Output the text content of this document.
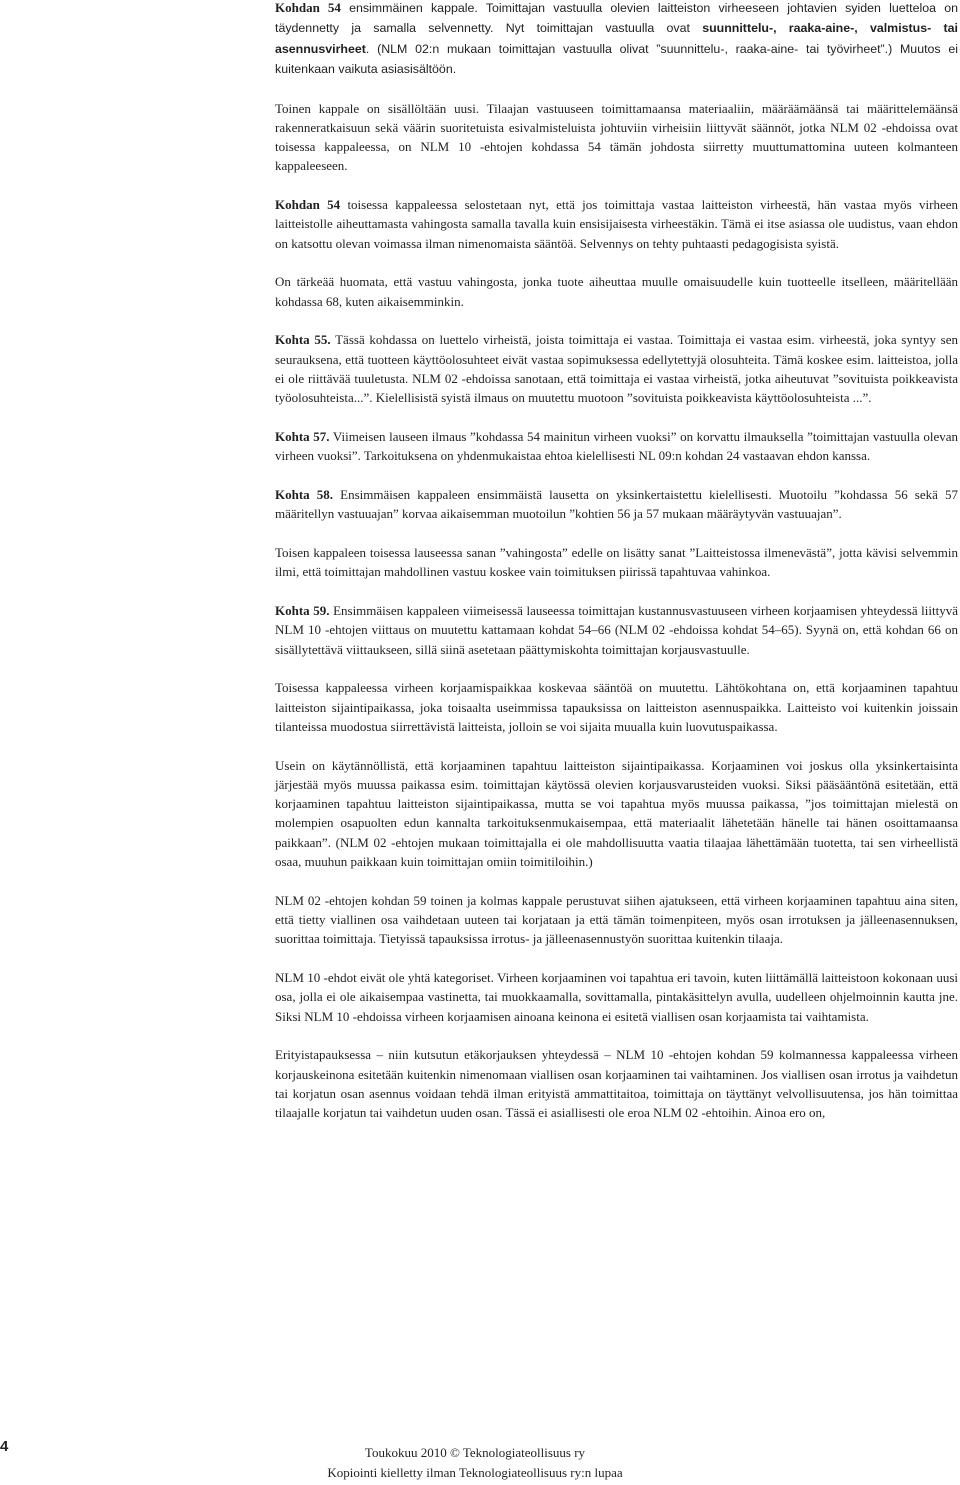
Kohdan 54 ensimmäinen kappale. Toimittajan vastuulla olevien laitteiston virheeseen johtavien syiden luetteloa on täydennetty ja samalla selvennetty. Nyt toimittajan vastuulla ovat suunnittelu-, raaka-aine-, valmistus- tai asennusvirheet. (NLM 02:n mukaan toimittajan vastuulla olivat ”suunnittelu-, raaka-aine- tai työvirheet”.) Muutos ei kuitenkaan vaikuta asiasisältöön.

Toinen kappale on sisällöltään uusi. Tilaajan vastuuseen toimittamaansa materiaaliin, määräämäänsä tai määrittelemäänsä rakenneratkaisuun sekä väärin suoritetuista esivalmisteluista johtuviin virheisiin liittyvät säännöt, jotka NLM 02 -ehdoissa ovat toisessa kappaleessa, on NLM 10 -ehtojen kohdassa 54 tämän johdosta siirretty muuttumattomina uuteen kolmanteen kappaleeseen.

Kohdan 54 toisessa kappaleessa selostetaan nyt, että jos toimittaja vastaa laitteiston virheestä, hän vastaa myös virheen laitteistolle aiheuttamasta vahingosta samalla tavalla kuin ensisijaisesta virheestäkin. Tämä ei itse asiassa ole uudistus, vaan ehdon on katsottu olevan voimassa ilman nimenomaista sääntöä. Selvennys on tehty puhtaasti pedagogisista syistä.

On tärkeää huomata, että vastuu vahingosta, jonka tuote aiheuttaa muulle omaisuudelle kuin tuotteelle itselleen, määritellään kohdassa 68, kuten aikaisemminkin.

Kohta 55. Tässä kohdassa on luettelo virheistä, joista toimittaja ei vastaa. Toimittaja ei vastaa esim. virheestä, joka syntyy sen seurauksena, että tuotteen käyttöolosuhteet eivät vastaa sopimuksessa edellytettyjä olosuhteita. Tämä koskee esim. laitteistoa, jolla ei ole riittävää tuuletusta. NLM 02 -ehdoissa sanotaan, että toimittaja ei vastaa virheistä, jotka aiheutuvat ”sovituista poikkeavista työolosuhteista...”. Kielellisistä syistä ilmaus on muutettu muotoon ”sovituista poikkeavista käyttöolosuhteista ...”.

Kohta 57. Viimeisen lauseen ilmaus ”kohdassa 54 mainitun virheen vuoksi” on korvattu ilmauksella ”toimittajan vastuulla olevan virheen vuoksi”. Tarkoituksena on yhdenmukaistaa ehtoa kielellisesti NL 09:n kohdan 24 vastaavan ehdon kanssa.

Kohta 58. Ensimmäisen kappaleen ensimmäistä lausetta on yksinkertaistettu kielellisesti. Muotoilu ”kohdassa 56 sekä 57 määritellyn vastuuajan” korvaa aikaisemman muotoilun ”kohtien 56 ja 57 mukaan määräytyvän vastuuajan”.

Toisen kappaleen toisessa lauseessa sanan ”vahingosta” edelle on lisätty sanat ”Laitteistossa ilmenevästä”, jotta kävisi selvemmin ilmi, että toimittajan mahdollinen vastuu koskee vain toimituksen piirissä tapahtuvaa vahinkoa.

Kohta 59. Ensimmäisen kappaleen viimeisessä lauseessa toimittajan kustannusvastuuseen virheen korjaamisen yhteydessä liittyvä NLM 10 -ehtojen viittaus on muutettu kattamaan kohdat 54–66 (NLM 02 -ehdoissa kohdat 54–65). Syynä on, että kohdan 66 on sisällytettävä viittaukseen, sillä siinä asetetaan päättymiskohta toimittajan korjausvastuulle.

Toisessa kappaleessa virheen korjaamispaikkaa koskevaa sääntöä on muutettu. Lähtökohtana on, että korjaaminen tapahtuu laitteiston sijaintipaikassa, joka toisaalta useimmissa tapauksissa on laitteiston asennuspaikka. Laitteisto voi kuitenkin joissain tilanteissa muodostua siirrettävistä laitteista, jolloin se voi sijaita muualla kuin luovutuspaikassa.

Usein on käytännöllistä, että korjaaminen tapahtuu laitteiston sijaintipaikassa. Korjaaminen voi joskus olla yksinkertaisinta järjestää myös muussa paikassa esim. toimittajan käytössä olevien korjausvarusteiden vuoksi. Siksi pääsääntönä esitetään, että korjaaminen tapahtuu laitteiston sijaintipaikassa, mutta se voi tapahtua myös muussa paikassa, ”jos toimittajan mielestä on molempien osapuolten edun kannalta tarkoituksenmukaisempaa, että materiaalit lähetetään hänelle tai hänen osoittamaansa paikkaan”. (NLM 02 -ehtojen mukaan toimittajalla ei ole mahdollisuutta vaatia tilaajaa lähettämään tuotetta, tai sen virheellistä osaa, muuhun paikkaan kuin toimittajan omiin toimitiloihin.)

NLM 02 -ehtojen kohdan 59 toinen ja kolmas kappale perustuvat siihen ajatukseen, että virheen korjaaminen tapahtuu aina siten, että tietty viallinen osa vaihdetaan uuteen tai korjataan ja että tämän toimenpiteen, myös osan irrotuksen ja jälleenasennuksen, suorittaa toimittaja. Tietyissä tapauksissa irrotus- ja jälleenasennustyön suorittaa kuitenkin tilaaja.

NLM 10 -ehdot eivät ole yhtä kategoriset. Virheen korjaaminen voi tapahtua eri tavoin, kuten liittämällä laitteistoon kokonaan uusi osa, jolla ei ole aikaisempaa vastinetta, tai muokkaamalla, sovittamalla, pintakäsittelyn avulla, uudelleen ohjelmoinnin kautta jne. Siksi NLM 10 -ehdoissa virheen korjaamisen ainoana keinona ei esitetä viallisen osan korjaamista tai vaihtamista.

Erityistapauksessa – niin kutsutun etäkorjauksen yhteydessä – NLM 10 -ehtojen kohdan 59 kolmannessa kappaleessa virheen korjauskeinona esitetään kuitenkin nimenomaan viallisen osan korjaaminen tai vaihtaminen. Jos viallisen osan irrotus ja vaihdetun tai korjatun osan asennus voidaan tehdä ilman erityistä ammattitaitoa, toimittaja on täyttänyt velvollisuutensa, jos hän toimittaa tilaajalle korjatun tai vaihdetun uuden osan. Tässä ei asiallisesti ole eroa NLM 02 -ehtoihin. Ainoa ero on,

4	Toukokuu 2010 © Teknologiateollisuus ry
Kopiointi kielletty ilman Teknologiateollisuus ry:n lupaa
